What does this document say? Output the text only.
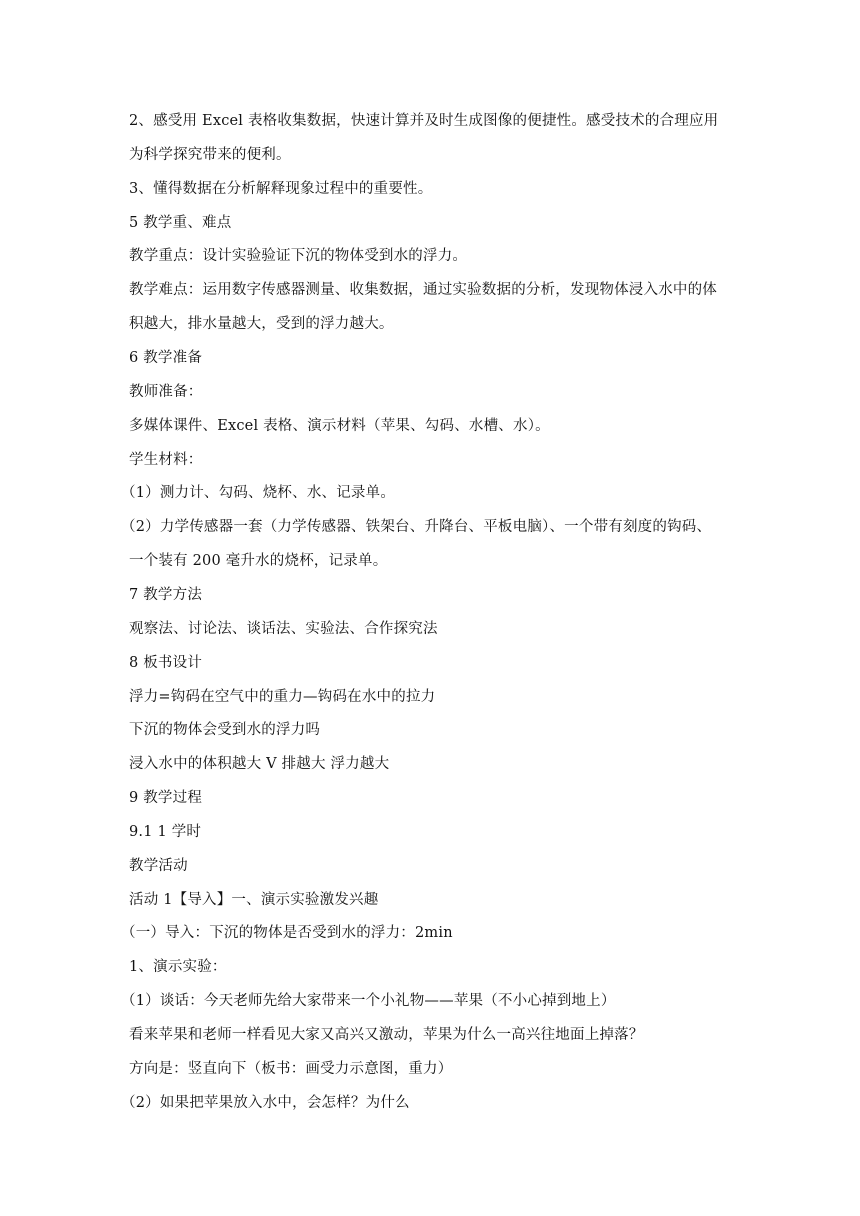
2、感受用 Excel 表格收集数据，快速计算并及时生成图像的便捷性。感受技术的合理应用
为科学探究带来的便利。
3、懂得数据在分析解释现象过程中的重要性。
5 教学重、难点
教学重点：设计实验验证下沉的物体受到水的浮力。
教学难点：运用数字传感器测量、收集数据，通过实验数据的分析，发现物体浸入水中的体
积越大，排水量越大，受到的浮力越大。
6 教学准备
教师准备：
多媒体课件、Excel 表格、演示材料（苹果、勾码、水槽、水）。
学生材料：
（1）测力计、勾码、烧杯、水、记录单。
（2）力学传感器一套（力学传感器、铁架台、升降台、平板电脑）、一个带有刻度的钩码、
一个装有 200 毫升水的烧杯，记录单。
7 教学方法
观察法、讨论法、谈话法、实验法、合作探究法
8 板书设计
浮力=钩码在空气中的重力—钩码在水中的拉力
下沉的物体会受到水的浮力吗
浸入水中的体积越大 V 排越大 浮力越大
9 教学过程
9.1 1 学时
教学活动
活动 1【导入】一、演示实验激发兴趣
（一）导入：下沉的物体是否受到水的浮力：2min
1、演示实验：
（1）谈话：今天老师先给大家带来一个小礼物——苹果（不小心掉到地上）
看来苹果和老师一样看见大家又高兴又激动，苹果为什么一高兴往地面上掉落？
方向是：竖直向下（板书：画受力示意图，重力）
（2）如果把苹果放入水中，会怎样？为什么
